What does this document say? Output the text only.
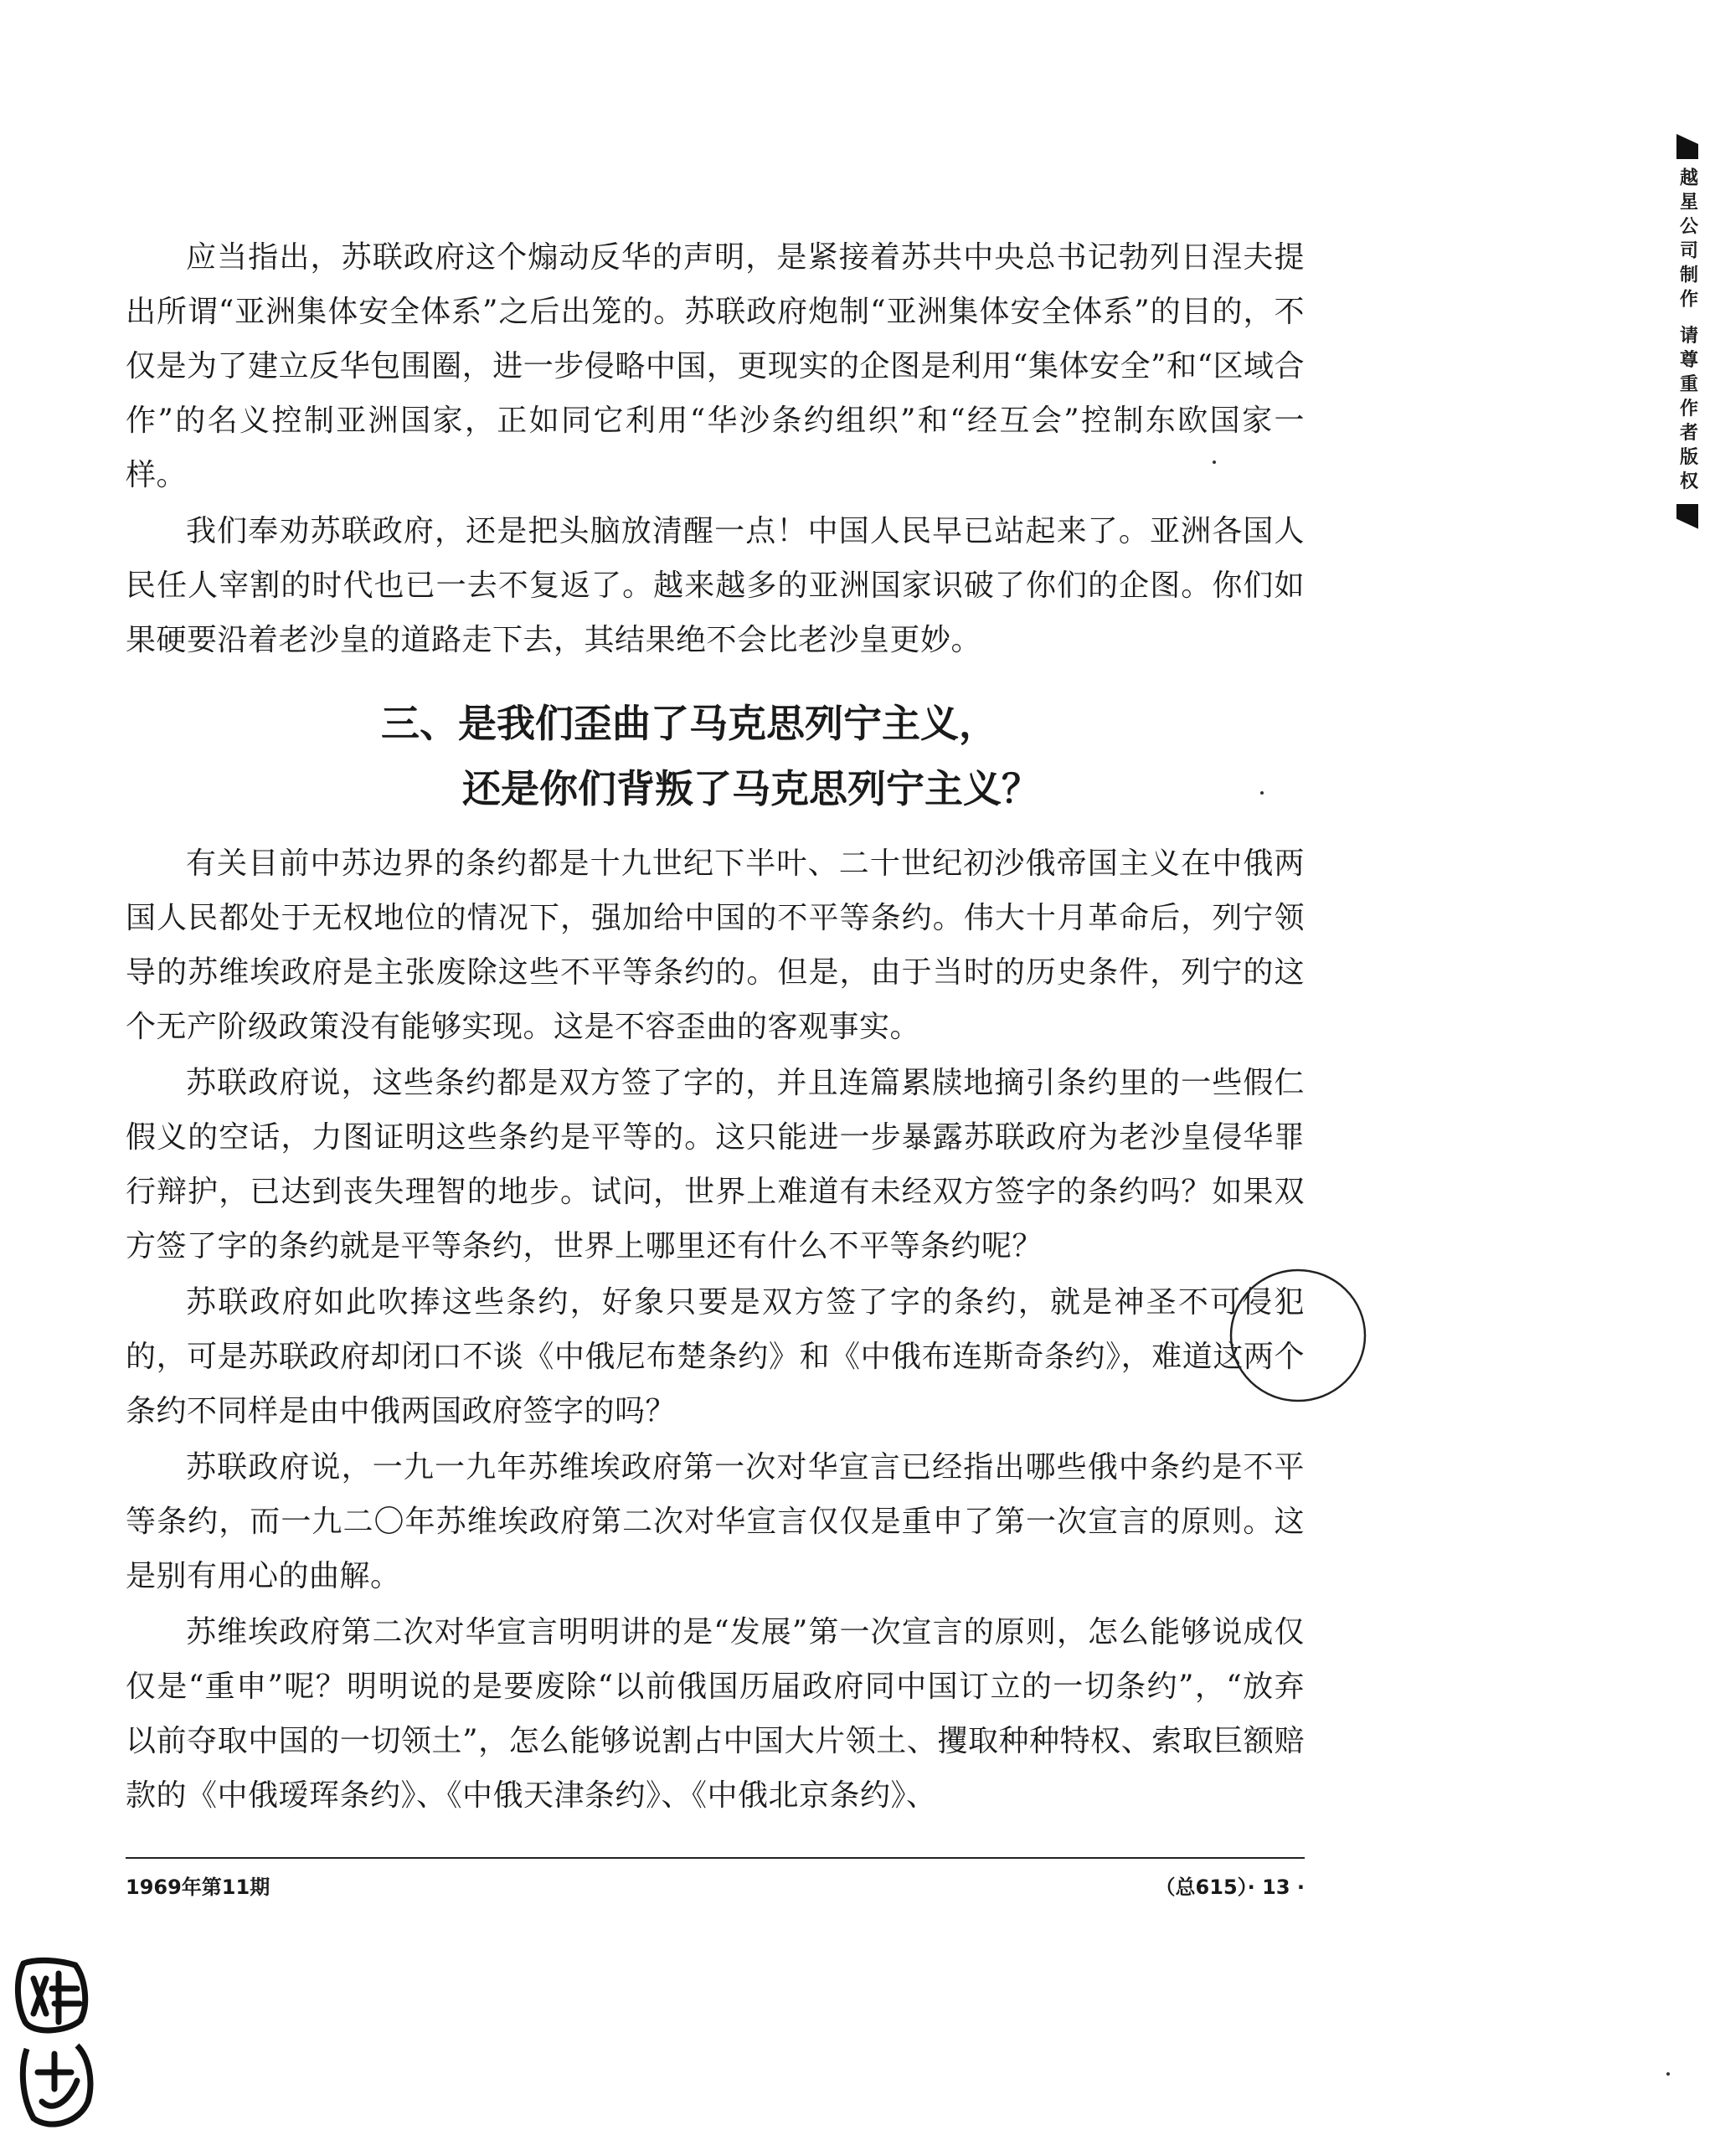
越星公司制作 请尊重作者版权

应当指出，苏联政府这个煽动反华的声明，是紧接着苏共中央总书记勃列日涅夫提出所谓“亚洲集体安全体系”之后出笼的。苏联政府炮制“亚洲集体安全体系”的目的，不仅是为了建立反华包围圈，进一步侵略中国，更现实的企图是利用“集体安全”和“区域合作”的名义控制亚洲国家，正如同它利用“华沙条约组织”和“经互会”控制东欧国家一样。

我们奉劝苏联政府，还是把头脑放清醒一点！中国人民早已站起来了。亚洲各国人民任人宰割的时代也已一去不复返了。越来越多的亚洲国家识破了你们的企图。你们如果硬要沿着老沙皇的道路走下去，其结果绝不会比老沙皇更妙。

三、是我们歪曲了马克思列宁主义，
还是你们背叛了马克思列宁主义？

有关目前中苏边界的条约都是十九世纪下半叶、二十世纪初沙俄帝国主义在中俄两国人民都处于无权地位的情况下，强加给中国的不平等条约。伟大十月革命后，列宁领导的苏维埃政府是主张废除这些不平等条约的。但是，由于当时的历史条件，列宁的这个无产阶级政策没有能够实现。这是不容歪曲的客观事实。

苏联政府说，这些条约都是双方签了字的，并且连篇累牍地摘引条约里的一些假仁假义的空话，力图证明这些条约是平等的。这只能进一步暴露苏联政府为老沙皇侵华罪行辩护，已达到丧失理智的地步。试问，世界上难道有未经双方签字的条约吗？如果双方签了字的条约就是平等条约，世界上哪里还有什么不平等条约呢？

苏联政府如此吹捧这些条约，好象只要是双方签了字的条约，就是神圣不可侵犯的，可是苏联政府却闭口不谈《中俄尼布楚条约》和《中俄布连斯奇条约》，难道这两个条约不同样是由中俄两国政府签字的吗？

苏联政府说，一九一九年苏维埃政府第一次对华宣言已经指出哪些俄中条约是不平等条约，而一九二〇年苏维埃政府第二次对华宣言仅仅是重申了第一次宣言的原则。这是别有用心的曲解。

苏维埃政府第二次对华宣言明明讲的是“发展”第一次宣言的原则，怎么能够说成仅仅是“重申”呢？明明说的是要废除“以前俄国历届政府同中国订立的一切条约”，“放弃以前夺取中国的一切领土”，怎么能够说割占中国大片领土、攫取种种特权、索取巨额赔款的《中俄瑷珲条约》、《中俄天津条约》、《中俄北京条约》、

1969年第11期	（总615）· 13 ·
